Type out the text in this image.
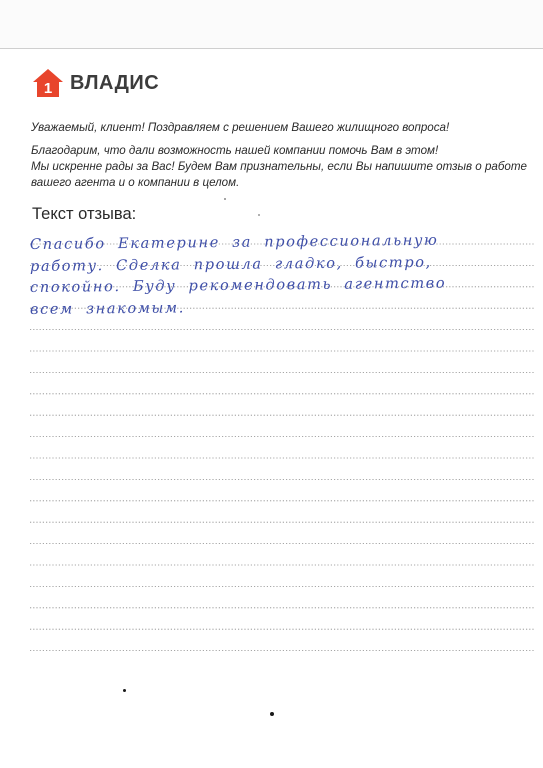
1 ВЛАДИС
Уважаемый, клиент! Поздравляем с решением Вашего жилищного вопроса!
Благодарим, что дали возможность нашей компании помочь Вам в этом!
Мы искренне рады за Вас! Будем Вам признательны, если Вы напишите отзыв о работе
вашего агента и о компании в целом.
Текст отзыва:
Спасибо Екатерине за профессиональную
работу. Сделка прошла гладко, быстро,
спокойно. Буду рекомендовать агентство
всем знакомым.
